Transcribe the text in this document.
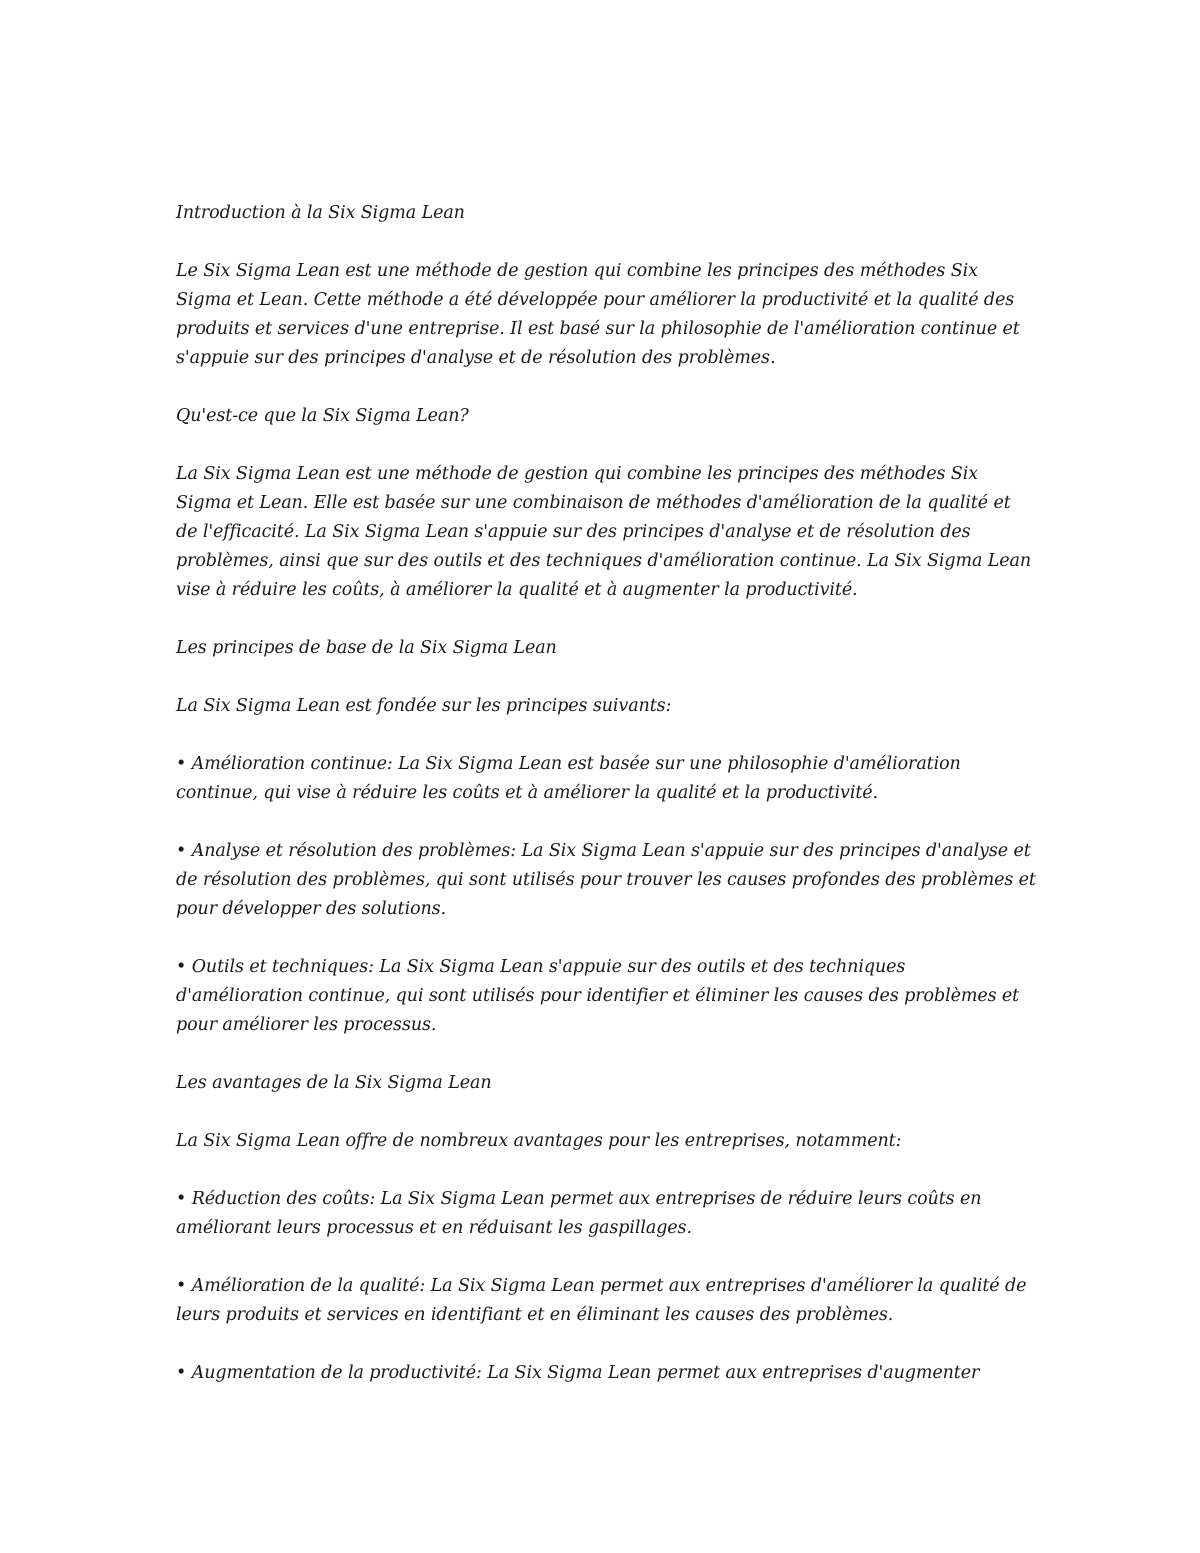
Introduction à la Six Sigma Lean

Le Six Sigma Lean est une méthode de gestion qui combine les principes des méthodes Six Sigma et Lean. Cette méthode a été développée pour améliorer la productivité et la qualité des produits et services d'une entreprise. Il est basé sur la philosophie de l'amélioration continue et s'appuie sur des principes d'analyse et de résolution des problèmes.

Qu'est-ce que la Six Sigma Lean?

La Six Sigma Lean est une méthode de gestion qui combine les principes des méthodes Six Sigma et Lean. Elle est basée sur une combinaison de méthodes d'amélioration de la qualité et de l'efficacité. La Six Sigma Lean s'appuie sur des principes d'analyse et de résolution des problèmes, ainsi que sur des outils et des techniques d'amélioration continue. La Six Sigma Lean vise à réduire les coûts, à améliorer la qualité et à augmenter la productivité.

Les principes de base de la Six Sigma Lean

La Six Sigma Lean est fondée sur les principes suivants:

• Amélioration continue: La Six Sigma Lean est basée sur une philosophie d'amélioration continue, qui vise à réduire les coûts et à améliorer la qualité et la productivité.

• Analyse et résolution des problèmes: La Six Sigma Lean s'appuie sur des principes d'analyse et de résolution des problèmes, qui sont utilisés pour trouver les causes profondes des problèmes et pour développer des solutions.

• Outils et techniques: La Six Sigma Lean s'appuie sur des outils et des techniques d'amélioration continue, qui sont utilisés pour identifier et éliminer les causes des problèmes et pour améliorer les processus.

Les avantages de la Six Sigma Lean

La Six Sigma Lean offre de nombreux avantages pour les entreprises, notamment:

• Réduction des coûts: La Six Sigma Lean permet aux entreprises de réduire leurs coûts en améliorant leurs processus et en réduisant les gaspillages.

• Amélioration de la qualité: La Six Sigma Lean permet aux entreprises d'améliorer la qualité de leurs produits et services en identifiant et en éliminant les causes des problèmes.

• Augmentation de la productivité: La Six Sigma Lean permet aux entreprises d'augmenter
